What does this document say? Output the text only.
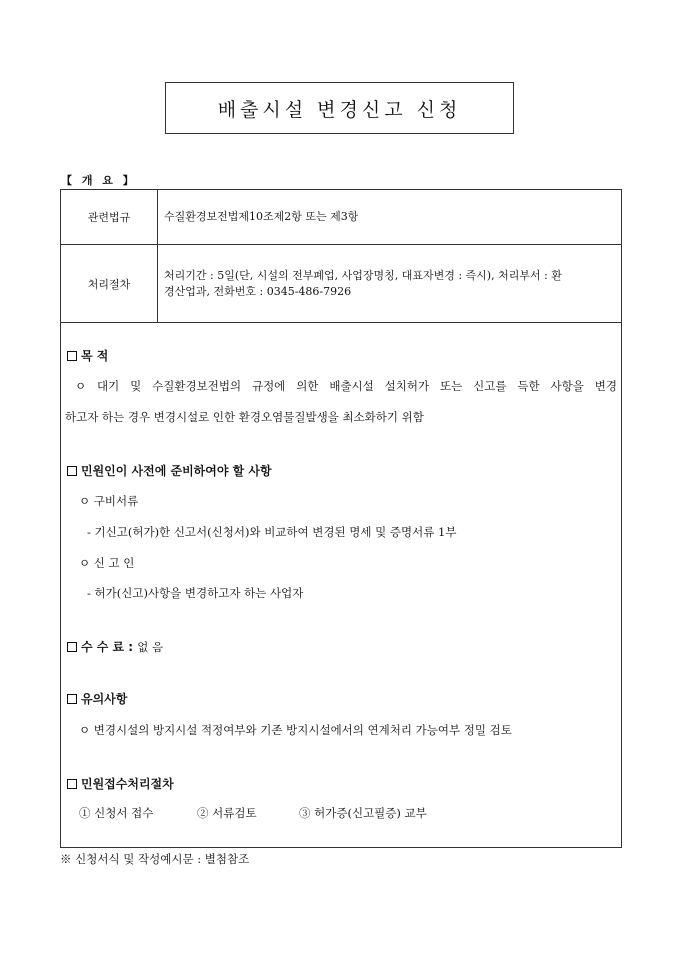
배출시설 변경신고 신청
【 개 요 】
관련법규	수질환경보전법제10조제2항 또는 제3항
처리절차	처리기간 : 5일(단, 시설의 전부폐업, 사업장명칭, 대표자변경 : 즉시), 처리부서 : 환
경산업과, 전화번호 : 0345-486-7926
목 적
ㅇ 대기 및 수질환경보전법의 규정에 의한 배출시설 설치허가 또는 신고를 득한 사항을 변경
하고자 하는 경우 변경시설로 인한 환경오염물질발생을 최소화하기 위함
민원인이 사전에 준비하여야 할 사항
ㅇ 구비서류
- 기신고(허가)한 신고서(신청서)와 비교하여 변경된 명세 및 증명서류 1부
ㅇ 신 고 인
- 허가(신고)사항을 변경하고자 하는 사업자
수 수 료 : 없 음
유의사항
ㅇ 변경시설의 방지시설 적정여부와 기존 방지시설에서의 연계처리 가능여부 정밀 검토
민원접수처리절차
① 신청서 접수	② 서류검토	③ 허가증(신고필증) 교부
※ 신청서식 및 작성예시문 : 별첨참조
